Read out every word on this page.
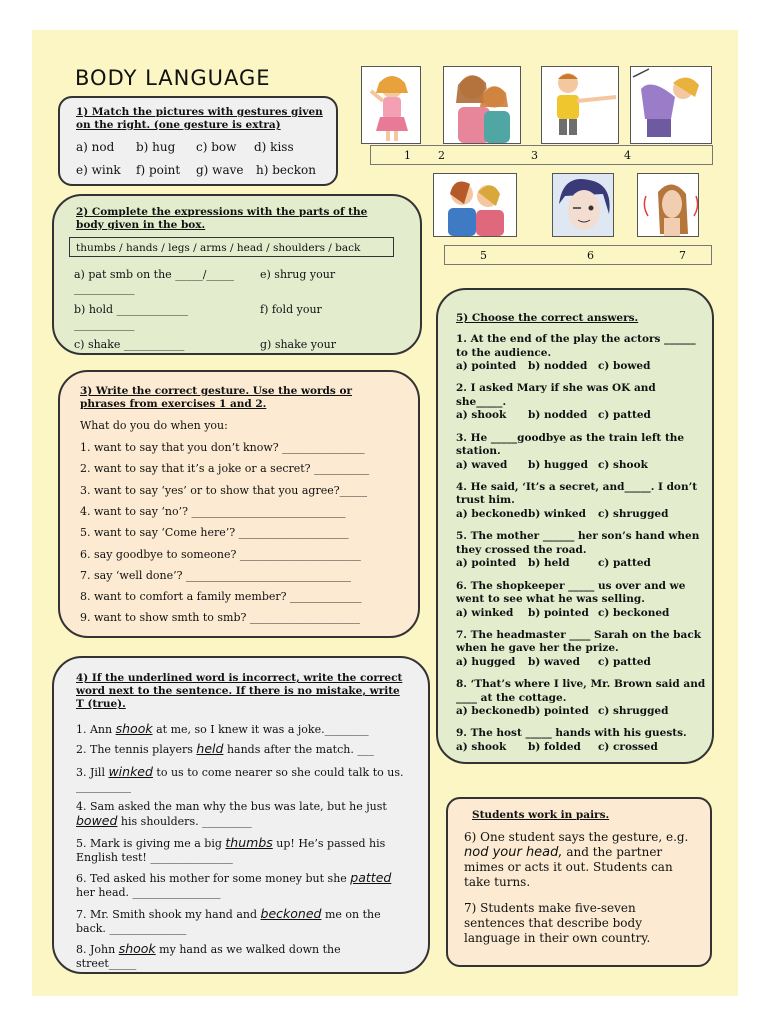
BODY LANGUAGE
1) Match the pictures with gestures given on the right. (one gesture is extra)
a) nod b) hug c) bow d) kiss
e) wink f) point g) wave h) beckon
1 2	3	4
5	6	7
2) Complete the expressions with the parts of the body given in the box.
thumbs / hands / legs / arms / head / shoulders / back
a) pat smb on the _____/_____ e) shrug your
___________
b) hold _____________	f) fold your
___________
c) shake ___________	g) shake your
3) Write the correct gesture. Use the words or phrases from exercises 1 and 2.
What do you do when you:
1. want to say that you don’t know? _______________
2. want to say that it’s a joke or a secret? __________
3. want to say ‘yes’ or to show that you agree?_____
4. want to say ‘no’? ____________________________
5. want to say ‘Come here’? ____________________
6. say goodbye to someone? ______________________
7. say ‘well done’? ______________________________
8. want to comfort a family member? _____________
9. want to show smth to smb? ____________________
4) If the underlined word is incorrect, write the correct word next to the sentence. If there is no mistake, write T (true).
1. Ann shook at me, so I knew it was a joke.________
2. The tennis players held hands after the match. ___
3. Jill winked to us to come nearer so she could talk to us.
__________
4. Sam asked the man why the bus was late, but he just
bowed his shoulders. _________
5. Mark is giving me a big thumbs up! He’s passed his
English test! _______________
6. Ted asked his mother for some money but she patted
her head. ________________
7. Mr. Smith shook my hand and beckoned me on the
back. ______________
8. John shook my hand as we walked down the
street_____
5) Choose the correct answers.
1. At the end of the play the actors ______
to the audience.
a) pointed b) nodded c) bowed
2. I asked Mary if she was OK and
she_____.
a) shook b) nodded c) patted
3. He _____goodbye as the train left the
station.
a) waved b) hugged c) shook
4. He said, ‘It’s a secret, and_____. I don’t
trust him.
a) beckonedb) winked c) shrugged
5. The mother ______ her son’s hand when
they crossed the road.
a) pointed b) held	c) patted
6. The shopkeeper _____ us over and we
went to see what he was selling.
a) winked b) pointed c) beckoned
7. The headmaster ____ Sarah on the back
when he gave her the prize.
a) hugged b) waved c) patted
8. ‘That’s where I live, Mr. Brown said and
____ at the cottage.
a) beckonedb) pointed c) shrugged
9. The host _____ hands with his guests.
a) shook b) folded c) crossed
Students work in pairs.
6) One student says the gesture, e.g.
nod your head, and the partner
mimes or acts it out. Students can
take turns.
7) Students make five-seven
sentences that describe body
language in their own country.
